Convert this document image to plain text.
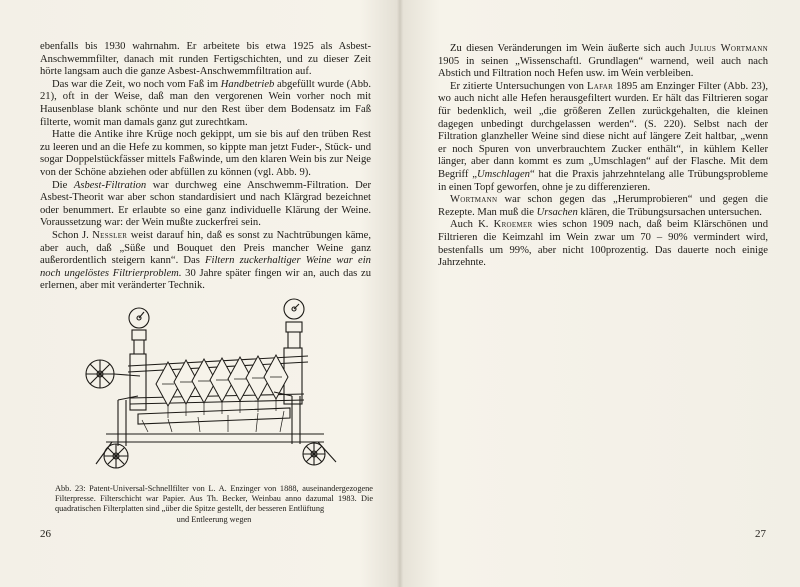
ebenfalls bis 1930 wahrnahm. Er arbeitete bis etwa 1925 als Asbest-Anschwemmfilter, danach mit runden Fertigschichten, und zu dieser Zeit hörte langsam auch die ganze Asbest-Anschwemmfiltration auf.

Das war die Zeit, wo noch vom Faß im Handbetrieb abgefüllt wurde (Abb. 21), oft in der Weise, daß man den vergorenen Wein vorher noch mit Hausenblase blank schönte und nur den Rest über dem Bodensatz im Faß filterte, womit man damals ganz gut zurechtkam.

Hatte die Antike ihre Krüge noch gekippt, um sie bis auf den trüben Rest zu leeren und an die Hefe zu kommen, so kippte man jetzt Fuder-, Stück- und sogar Doppelstückfässer mittels Faßwinde, um den klaren Wein bis zur Neige von der Schöne abziehen oder abfüllen zu können (vgl. Abb. 9).

Die Asbest-Filtration war durchweg eine Anschwemm-Filtration. Der Asbest-Theorit war aber schon standardisiert und nach Klärgrad bezeichnet oder benummert. Er erlaubte so eine ganz individuelle Klärung der Weine. Voraussetzung war: der Wein mußte zuckerfrei sein.

Schon J. Nessler weist darauf hin, daß es sonst zu Nachtrübungen käme, aber auch, daß „Süße und Bouquet den Preis mancher Weine ganz außerordentlich steigern kann“. Das Filtern zuckerhaltiger Weine war ein noch ungelöstes Filtrierproblem. 30 Jahre später fingen wir an, auch das zu erlernen, aber mit veränderter Technik.

Abb. 23: Patent-Universal-Schnellfilter von L. A. Enzinger von 1888, auseinandergezogene Filterpresse. Filterschicht war Papier. Aus Th. Becker, Weinbau anno dazumal 1983. Die quadratischen Filterplatten sind „über die Spitze gestellt, der besseren Entlüftung

und Entleerung wegen

26

Zu diesen Veränderungen im Wein äußerte sich auch Julius Wortmann 1905 in seinen „Wissenschaftl. Grundlagen“ warnend, weil auch nach Abstich und Filtration noch Hefen usw. im Wein verbleiben.

Er zitierte Untersuchungen von Lafar 1895 am Enzinger Filter (Abb. 23), wo auch nicht alle Hefen herausgefiltert wurden. Er hält das Filtrieren sogar für bedenklich, weil „die größeren Zellen zurückgehalten, die kleinen dagegen unbedingt durchgelassen werden“. (S. 220). Selbst nach der Filtration glanzheller Weine sind diese nicht auf längere Zeit haltbar, „wenn er noch Spuren von unverbrauchtem Zucker enthält“, in kühlem Keller länger, aber dann kommt es zum „Umschlagen“ auf der Flasche. Mit dem Begriff „Umschlagen“ hat die Praxis jahrzehntelang alle Trübungsprobleme in einen Topf geworfen, ohne je zu differenzieren.

Wortmann war schon gegen das „Herumprobieren“ und gegen die Rezepte. Man muß die Ursachen klären, die Trübungsursachen untersuchen.

Auch K. Kroemer wies schon 1909 nach, daß beim Klärschönen und Filtrieren die Keimzahl im Wein zwar um 70 – 90% vermindert wird, bestenfalls um 99%, aber nicht 100prozentig. Das dauerte noch einige Jahrzehnte.

27
